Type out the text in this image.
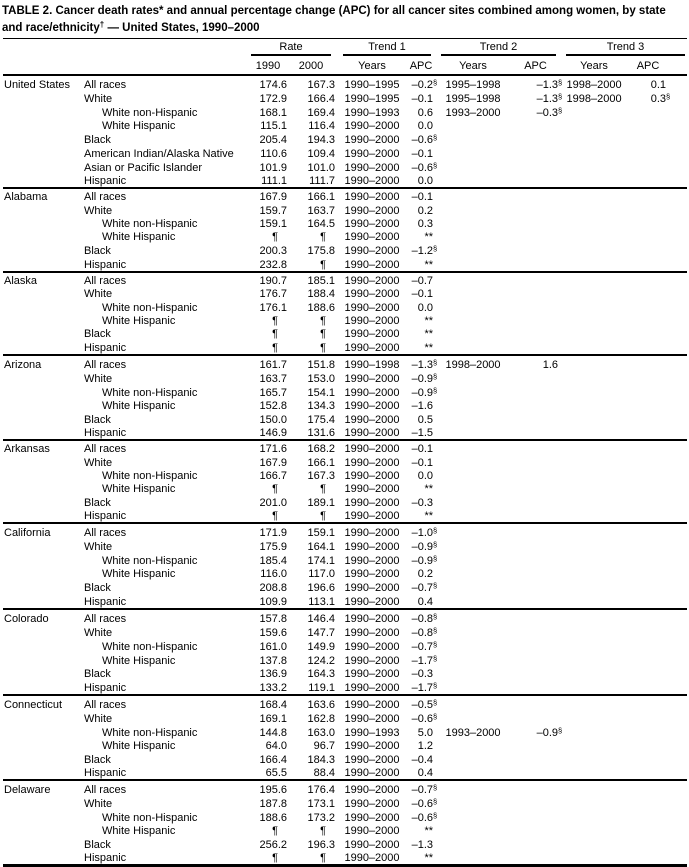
TABLE 2. Cancer death rates* and annual percentage change (APC) for all cancer sites combined among women, by state and race/ethnicity† — United States, 1990–2000

		Rate		Trend 1		Trend 2		Trend 3	

		1990	2000	Years	APC	Years	APC	Years	APC
United States	All races	174.6	167.3	1990–1995	–0.2§	1995–1998	–1.3§	1998–2000	0.1
	White	172.9	166.4	1990–1995	–0.1	1995–1998	–1.3§	1998–2000	0.3§
	White non-Hispanic	168.1	169.4	1990–1993	0.6	1993–2000	–0.3§		
	White Hispanic	115.1	116.4	1990–2000	0.0				
	Black	205.4	194.3	1990–2000	–0.6§				
	American Indian/Alaska Native	110.6	109.4	1990–2000	–0.1				
	Asian or Pacific Islander	101.9	101.0	1990–2000	–0.6§				
	Hispanic	111.1	111.7	1990–2000	0.0				
Alabama	All races	167.9	166.1	1990–2000	–0.1				
	White	159.7	163.7	1990–2000	0.2				
	White non-Hispanic	159.1	164.5	1990–2000	0.3				
	White Hispanic	¶	¶	1990–2000	**				
	Black	200.3	175.8	1990–2000	–1.2§				
	Hispanic	232.8	¶	1990–2000	**				
Alaska	All races	190.7	185.1	1990–2000	–0.7				
	White	176.7	188.4	1990–2000	–0.1				
	White non-Hispanic	176.1	188.6	1990–2000	0.0				
	White Hispanic	¶	¶	1990–2000	**				
	Black	¶	¶	1990–2000	**				
	Hispanic	¶	¶	1990–2000	**				
Arizona	All races	161.7	151.8	1990–1998	–1.3§	1998–2000	1.6		
	White	163.7	153.0	1990–2000	–0.9§				
	White non-Hispanic	165.7	154.1	1990–2000	–0.9§				
	White Hispanic	152.8	134.3	1990–2000	–1.6				
	Black	150.0	175.4	1990–2000	0.5				
	Hispanic	146.9	131.6	1990–2000	–1.5				
Arkansas	All races	171.6	168.2	1990–2000	–0.1				
	White	167.9	166.1	1990–2000	–0.1				
	White non-Hispanic	166.7	167.3	1990–2000	0.0				
	White Hispanic	¶	¶	1990–2000	**				
	Black	201.0	189.1	1990–2000	–0.3				
	Hispanic	¶	¶	1990–2000	**				
California	All races	171.9	159.1	1990–2000	–1.0§				
	White	175.9	164.1	1990–2000	–0.9§				
	White non-Hispanic	185.4	174.1	1990–2000	–0.9§				
	White Hispanic	116.0	117.0	1990–2000	0.2				
	Black	208.8	196.6	1990–2000	–0.7§				
	Hispanic	109.9	113.1	1990–2000	0.4				
Colorado	All races	157.8	146.4	1990–2000	–0.8§				
	White	159.6	147.7	1990–2000	–0.8§				
	White non-Hispanic	161.0	149.9	1990–2000	–0.7§				
	White Hispanic	137.8	124.2	1990–2000	–1.7§				
	Black	136.9	164.3	1990–2000	–0.3				
	Hispanic	133.2	119.1	1990–2000	–1.7§				
Connecticut	All races	168.4	163.6	1990–2000	–0.5§				
	White	169.1	162.8	1990–2000	–0.6§				
	White non-Hispanic	144.8	163.0	1990–1993	5.0	1993–2000	–0.9§		
	White Hispanic	64.0	96.7	1990–2000	1.2				
	Black	166.4	184.3	1990–2000	–0.4				
	Hispanic	65.5	88.4	1990–2000	0.4				
Delaware	All races	195.6	176.4	1990–2000	–0.7§				
	White	187.8	173.1	1990–2000	–0.6§				
	White non-Hispanic	188.6	173.2	1990–2000	–0.6§				
	White Hispanic	¶	¶	1990–2000	**				
	Black	256.2	196.3	1990–2000	–1.3				
	Hispanic	¶	¶	1990–2000	**				
